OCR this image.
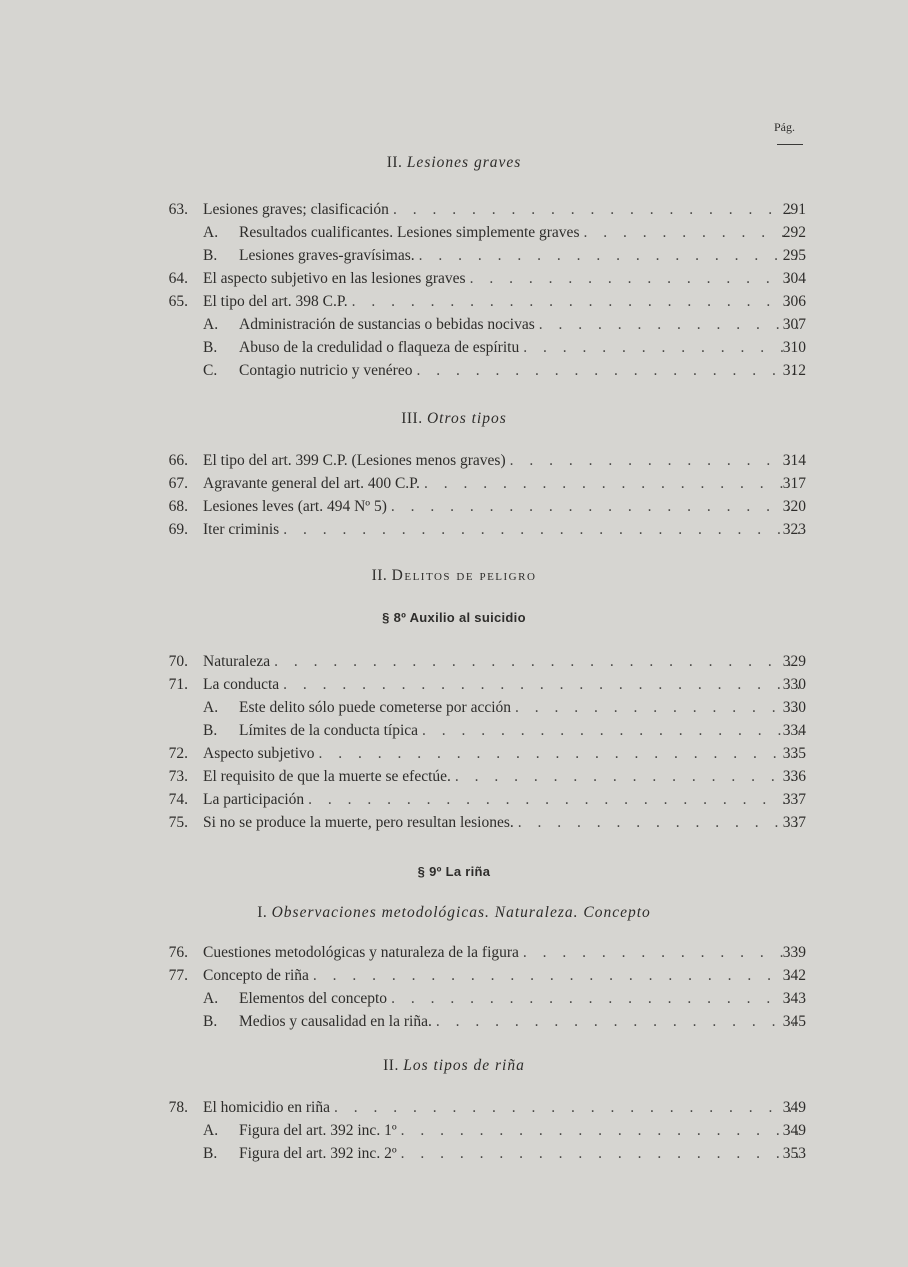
Pág.
II. Lesiones graves
63. Lesiones graves; clasificación . . .	291
A.	Resultados cualificantes. Lesiones simplemente graves . . .	292
B.	Lesiones graves-gravísimas. . . .	295
64. El aspecto subjetivo en las lesiones graves . . .	304
65. El tipo del art. 398 C.P. . . .	306
A.	Administración de sustancias o bebidas nocivas . . .	307
B.	Abuso de la credulidad o flaqueza de espíritu . . .	310
C.	Contagio nutricio y venéreo . . .	312
66. El tipo del art. 399 C.P. (Lesiones menos graves) . . .	314
67. Agravante general del art. 400 C.P. . . .	317
68. Lesiones leves (art. 494 Nº 5) . . .	320
69. Iter criminis . . .	323
70. Naturaleza . . .	329
71. La conducta . . .	330
A.	Este delito sólo puede cometerse por acción . . .	330
B.	Límites de la conducta típica . . .	334
72. Aspecto subjetivo . . .	335
73. El requisito de que la muerte se efectúe. . . .	336
74. La participación . . .	337
75. Si no se produce la muerte, pero resultan lesiones. . . .	337
76. Cuestiones metodológicas y naturaleza de la figura . . .	339
77. Concepto de riña . . .	342
A.	Elementos del concepto . . .	343
B.	Medios y causalidad en la riña. . . .	345
78. El homicidio en riña . . .	349
A.	Figura del art. 392 inc. 1º . . .	349
B.	Figura del art. 392 inc. 2º . . .	353
III. Otros tipos
II. Delitos de peligro
§ 8º Auxilio al suicidio
§ 9º La riña
I. Observaciones metodológicas. Naturaleza. Concepto
II. Los tipos de riña
